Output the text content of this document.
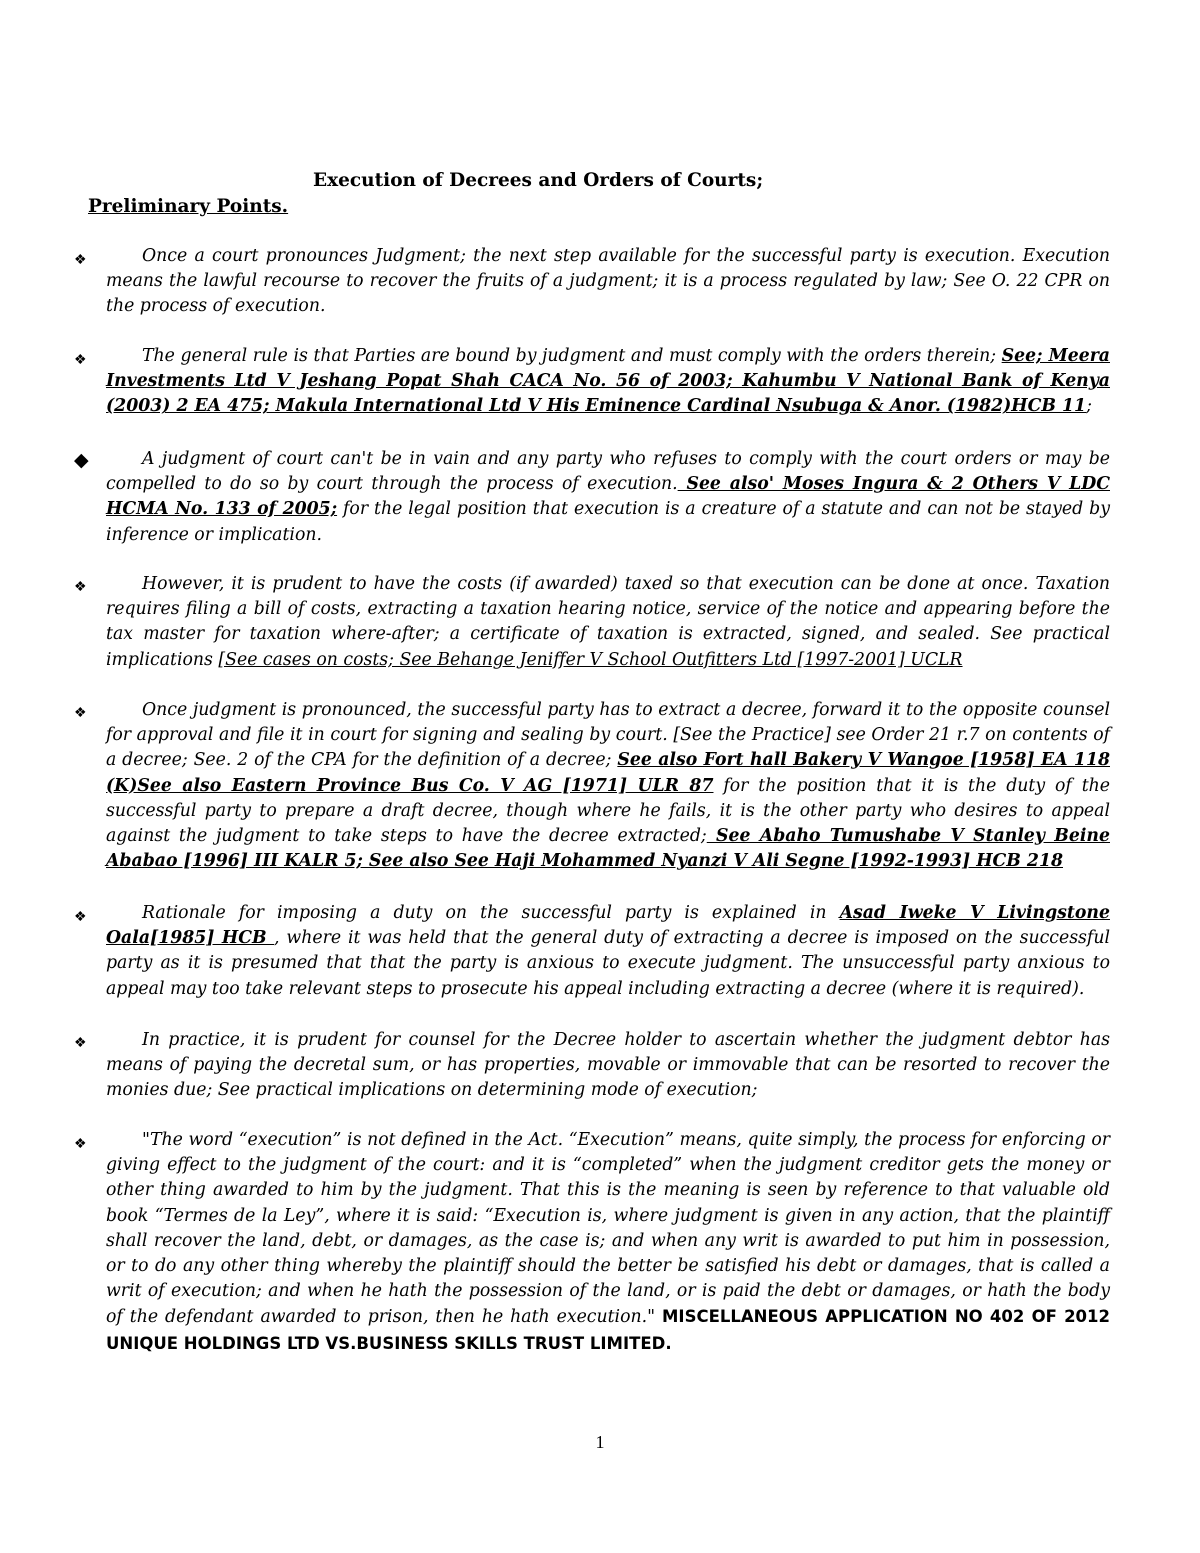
Execution of Decrees and Orders of Courts;
Preliminary Points.
❖	Once a court pronounces Judgment; the next step available for the successful party is execution. Execution means the lawful recourse to recover the fruits of a judgment; it is a process regulated by law; See O. 22 CPR on the process of execution.

❖	The general rule is that Parties are bound by judgment and must comply with the orders therein; See; Meera Investments Ltd V Jeshang Popat Shah CACA No. 56 of 2003; Kahumbu V National Bank of Kenya (2003) 2 EA 475; Makula International Ltd V His Eminence Cardinal Nsubuga & Anor. (1982)HCB 11;

◆	A judgment of court can't be in vain and any party who refuses to comply with the court orders or may be compelled to do so by court through the process of execution. See also' Moses Ingura & 2 Others V LDC HCMA No. 133 of 2005; for the legal position that execution is a creature of a statute and can not be stayed by inference or implication.

❖	However, it is prudent to have the costs (if awarded) taxed so that execution can be done at once. Taxation requires filing a bill of costs, extracting a taxation hearing notice, service of the notice and appearing before the tax master for taxation where-after; a certificate of taxation is extracted, signed, and sealed. See practical implications [See cases on costs; See Behange Jeniffer V School Outfitters Ltd [1997-2001] UCLR

❖	Once judgment is pronounced, the successful party has to extract a decree, forward it to the opposite counsel for approval and file it in court for signing and sealing by court. [See the Practice] see Order 21 r.7 on contents of a decree; See. 2 of the CPA for the definition of a decree; See also Fort hall Bakery V Wangoe [1958] EA 118 (K)See also Eastern Province Bus Co. V AG [1971] ULR 87 for the position that it is the duty of the successful party to prepare a draft decree, though where he fails, it is the other party who desires to appeal against the judgment to take steps to have the decree extracted; See Abaho Tumushabe V Stanley Beine Ababao [1996] III KALR 5; See also See Haji Mohammed Nyanzi V Ali Segne [1992-1993] HCB 218

❖	Rationale for imposing a duty on the successful party is explained in Asad Iweke V Livingstone Oala[1985] HCB , where it was held that the general duty of extracting a decree is imposed on the successful party as it is presumed that that the party is anxious to execute judgment. The unsuccessful party anxious to appeal may too take relevant steps to prosecute his appeal including extracting a decree (where it is required).

❖	In practice, it is prudent for counsel for the Decree holder to ascertain whether the judgment debtor has means of paying the decretal sum, or has properties, movable or immovable that can be resorted to recover the monies due; See practical implications on determining mode of execution;

❖	"The word “execution” is not defined in the Act. “Execution” means, quite simply, the process for enforcing or giving effect to the judgment of the court: and it is “completed” when the judgment creditor gets the money or other thing awarded to him by the judgment. That this is the meaning is seen by reference to that valuable old book “Termes de la Ley”, where it is said: “Execution is, where judgment is given in any action, that the plaintiff shall recover the land, debt, or damages, as the case is; and when any writ is awarded to put him in possession, or to do any other thing whereby the plaintiff should the better be satisfied his debt or damages, that is called a writ of execution; and when he hath the possession of the land, or is paid the debt or damages, or hath the body of the defendant awarded to prison, then he hath execution." MISCELLANEOUS APPLICATION NO 402 OF 2012 UNIQUE HOLDINGS LTD VS.BUSINESS SKILLS TRUST LIMITED.

1
